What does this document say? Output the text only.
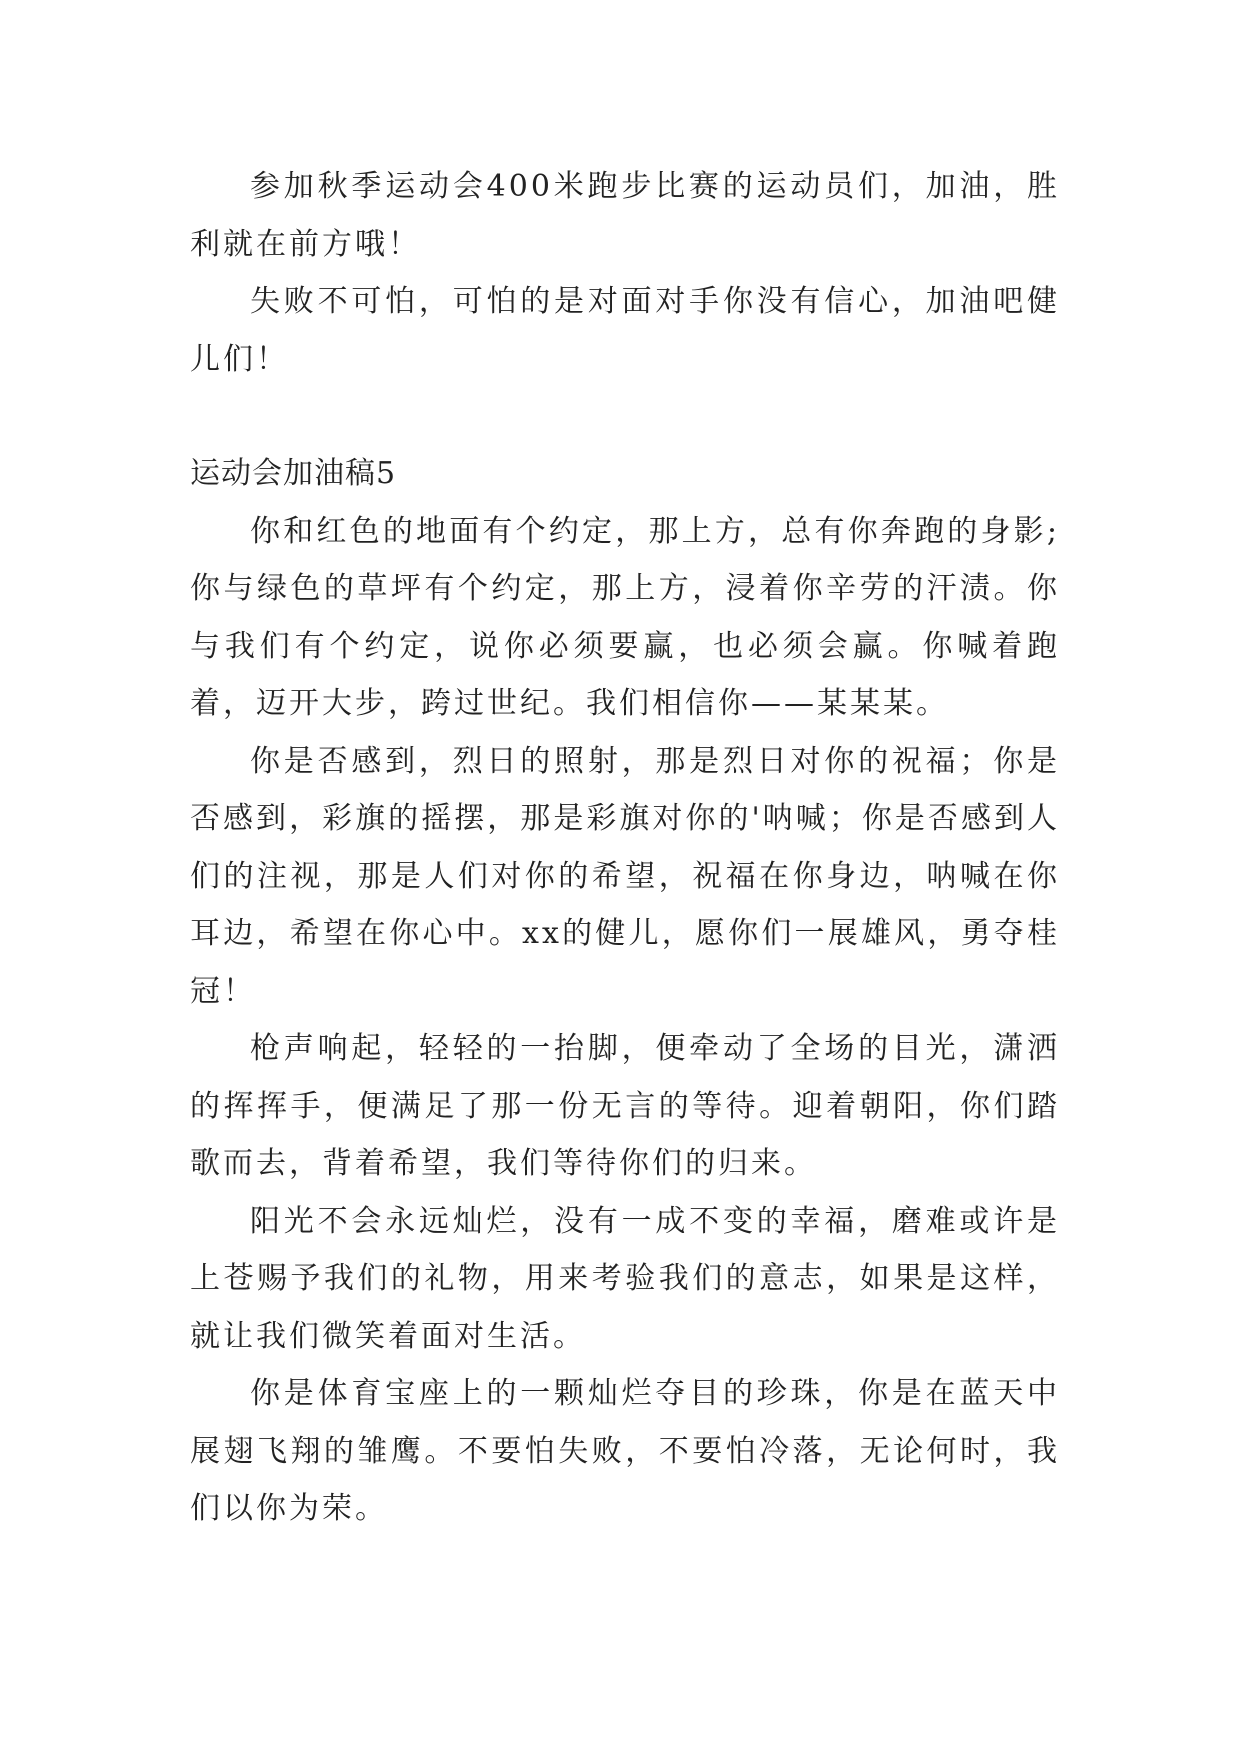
参加秋季运动会400米跑步比赛的运动员们，加油，胜利就在前方哦！

失败不可怕，可怕的是对面对手你没有信心，加油吧健儿们！

运动会加油稿5

你和红色的地面有个约定，那上方，总有你奔跑的身影;你与绿色的草坪有个约定，那上方，浸着你辛劳的汗渍。你与我们有个约定，说你必须要赢，也必须会赢。你喊着跑着，迈开大步，跨过世纪。我们相信你——某某某。

你是否感到，烈日的照射，那是烈日对你的祝福；你是否感到，彩旗的摇摆，那是彩旗对你的'呐喊；你是否感到人们的注视，那是人们对你的希望，祝福在你身边，呐喊在你耳边，希望在你心中。xx的健儿，愿你们一展雄风，勇夺桂冠！

枪声响起，轻轻的一抬脚，便牵动了全场的目光，潇洒的挥挥手，便满足了那一份无言的等待。迎着朝阳，你们踏歌而去，背着希望，我们等待你们的归来。

阳光不会永远灿烂，没有一成不变的幸福，磨难或许是上苍赐予我们的礼物，用来考验我们的意志，如果是这样，就让我们微笑着面对生活。

你是体育宝座上的一颗灿烂夺目的珍珠，你是在蓝天中展翅飞翔的雏鹰。不要怕失败，不要怕冷落，无论何时，我们以你为荣。
